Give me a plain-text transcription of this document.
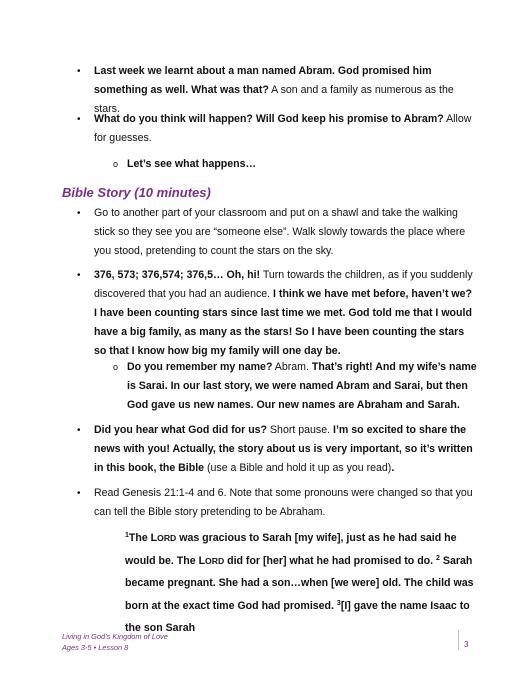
• Last week we learnt about a man named Abram. God promised him something as well. What was that? A son and a family as numerous as the stars.
• What do you think will happen? Will God keep his promise to Abram? Allow for guesses.
o Let’s see what happens…
Bible Story (10 minutes)
• Go to another part of your classroom and put on a shawl and take the walking stick so they see you are “someone else”. Walk slowly towards the place where you stood, pretending to count the stars on the sky.
• 376, 573; 376,574; 376,5… Oh, hi! Turn towards the children, as if you suddenly discovered that you had an audience. I think we have met before, haven’t we? I have been counting stars since last time we met. God told me that I would have a big family, as many as the stars! So I have been counting the stars so that I know how big my family will one day be.
o Do you remember my name? Abram. That’s right! And my wife’s name is Sarai. In our last story, we were named Abram and Sarai, but then God gave us new names. Our new names are Abraham and Sarah.
• Did you hear what God did for us? Short pause. I’m so excited to share the news with you! Actually, the story about us is very important, so it’s written in this book, the Bible (use a Bible and hold it up as you read).
• Read Genesis 21:1-4 and 6. Note that some pronouns were changed so that you can tell the Bible story pretending to be Abraham.
$^1$The LORD was gracious to Sarah [my wife], just as he had said he would be. The LORD did for [her] what he had promised to do. $^2$ Sarah became pregnant. She had a son…when [we were] old. The child was born at the exact time God had promised. $^3$[I] gave the name Isaac to the son Sarah
Living in God’s Kingdom of Love
Ages 3-5 • Lesson 8	3
